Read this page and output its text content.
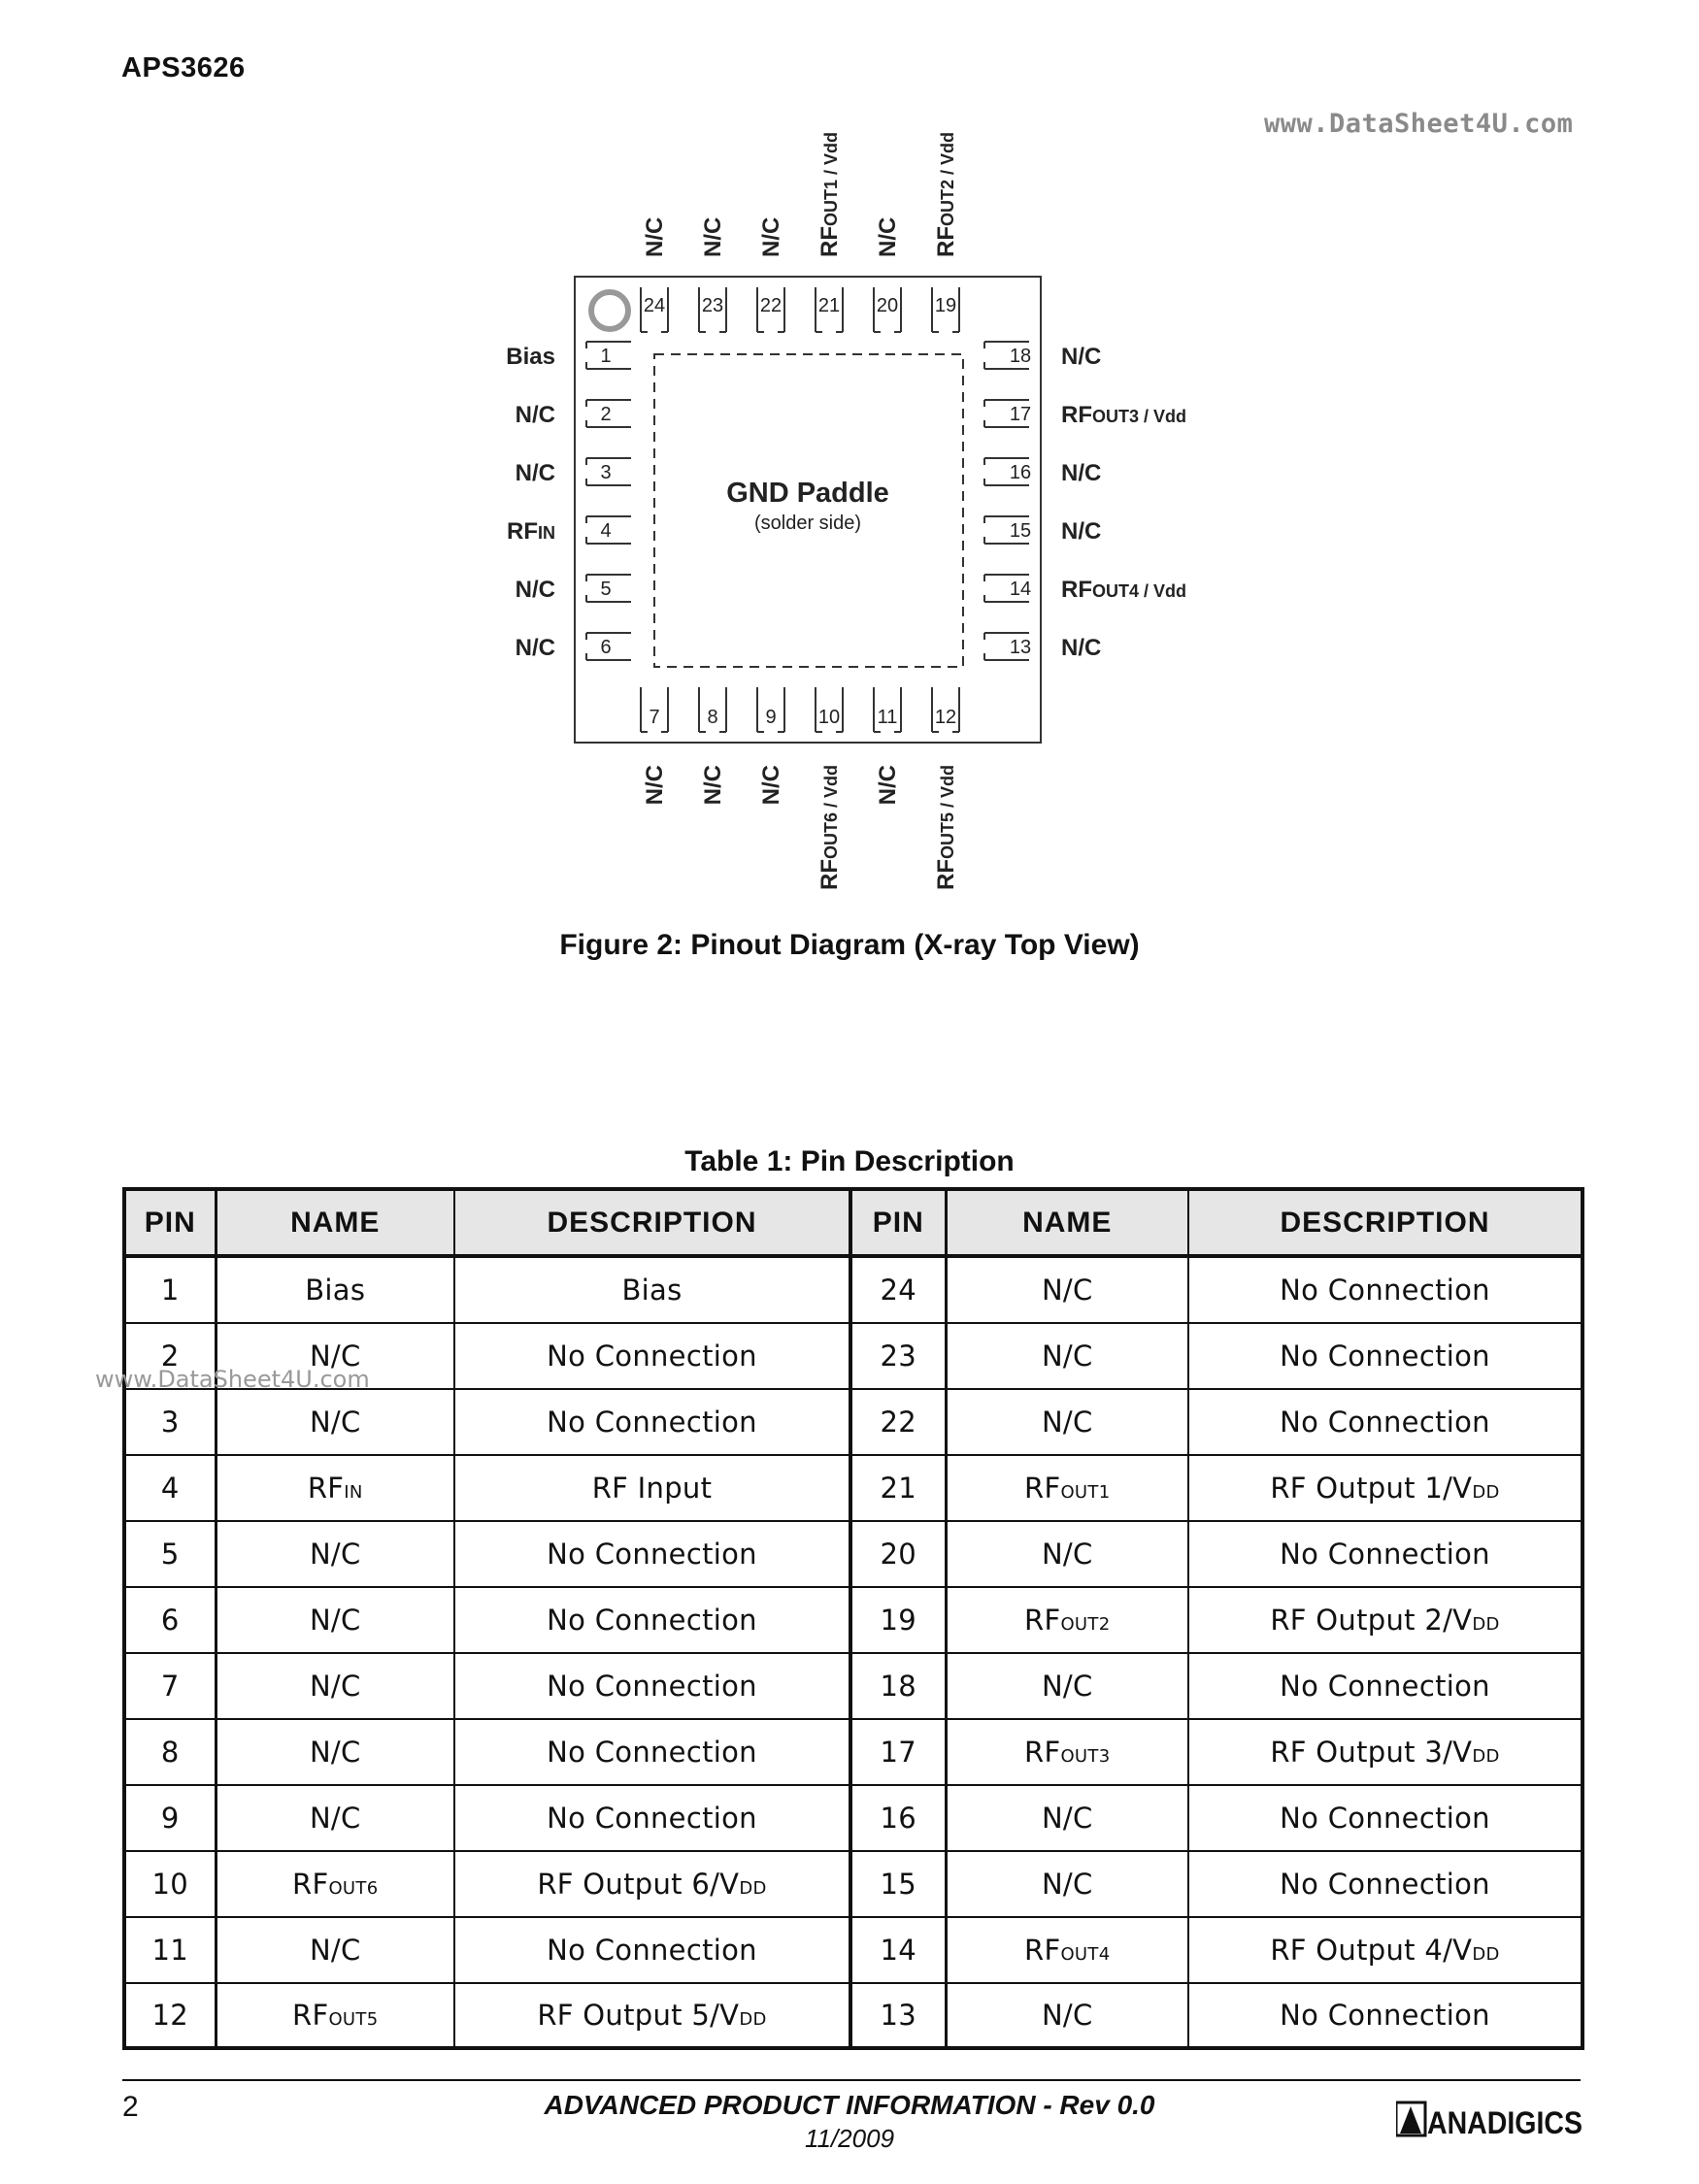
APS3626
www.DataSheet4U.com
GND Paddle
(solder side)
24
N/C
23
N/C
22
N/C
21
RFOUT1 / Vdd
20
N/C
19
RFOUT2 / Vdd
7
N/C
8
N/C
9
N/C
10
RFOUT6 / Vdd
11
N/C
12
RFOUT5 / Vdd
1
Bias
2
N/C
3
N/C
4
RFIN
5
N/C
6
N/C
18 N/C
17 RFOUT3 / Vdd
16 N/C
15 N/C
14 RFOUT4 / Vdd
13 N/C
Figure 2: Pinout Diagram (X-ray Top View)
Table 1: Pin Description
PIN	NAME	DESCRIPTION	PIN	NAME	DESCRIPTION
1	Bias	Bias	24	N/C	No Connection
2	N/C	No Connection	23	N/C	No Connection
3	N/C	No Connection	22	N/C	No Connection
4	RFIN	RF Input	21	RFOUT1	RF Output 1/VDD
5	N/C	No Connection	20	N/C	No Connection
6	N/C	No Connection	19	RFOUT2	RF Output 2/VDD
7	N/C	No Connection	18	N/C	No Connection
8	N/C	No Connection	17	RFOUT3	RF Output 3/VDD
9	N/C	No Connection	16	N/C	No Connection
10	RFOUT6	RF Output 6/VDD	15	N/C	No Connection
11	N/C	No Connection	14	RFOUT4	RF Output 4/VDD
12	RFOUT5	RF Output 5/VDD	13	N/C	No Connection
www.DataSheet4U.com
2	ADVANCED PRODUCT INFORMATION - Rev 0.0
11/2009	ANADIGICS
